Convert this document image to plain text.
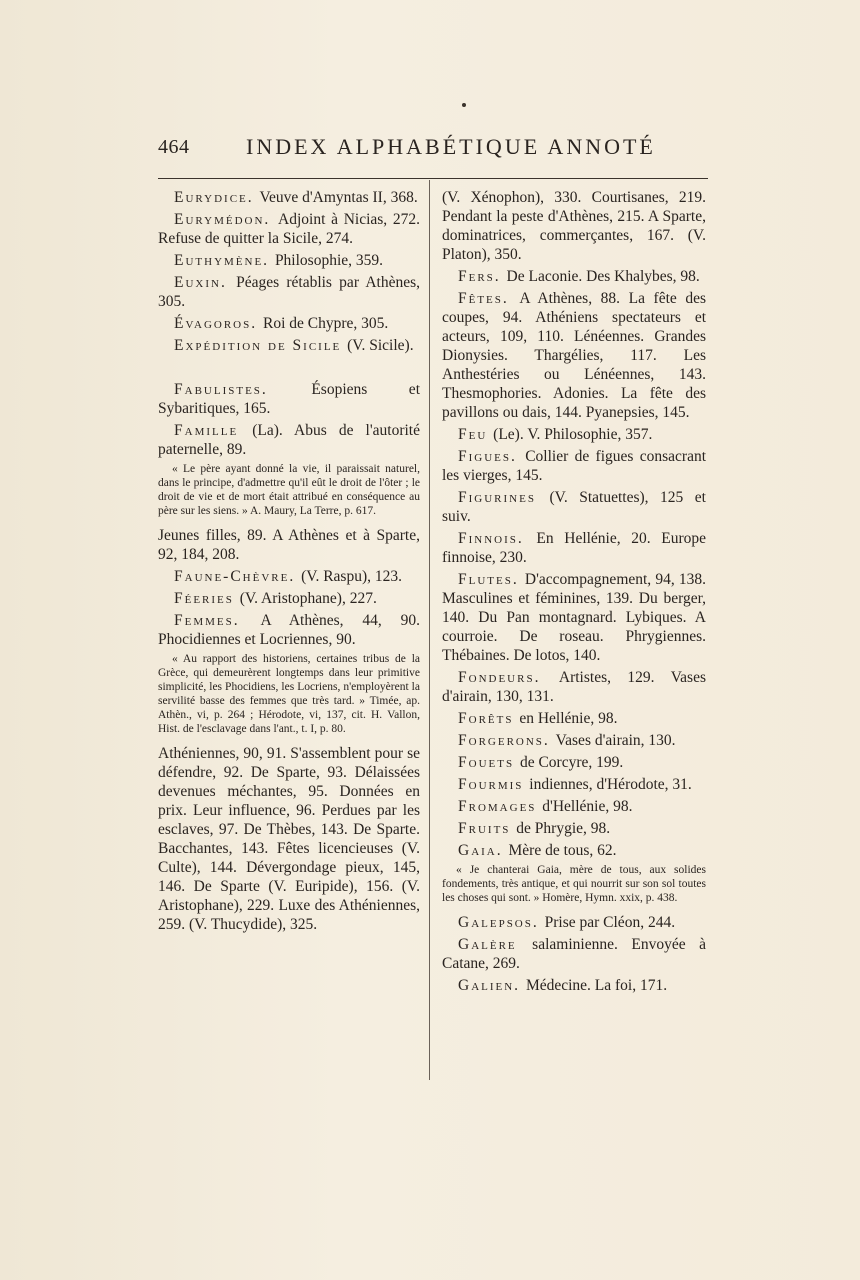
464	INDEX ALPHABÉTIQUE ANNOTÉ

Eurydice. Veuve d'Amyntas II, 368.

Eurymédon. Adjoint à Nicias, 272. Refuse de quitter la Sicile, 274.

Euthymène. Philosophie, 359.

Euxin. Péages rétablis par Athènes, 305.

Évagoros. Roi de Chypre, 305.

Expédition de Sicile (V. Sicile).

Fabulistes.	Ésopiens et Sybaritiques, 165.

Famille (La). Abus de l'autorité paternelle, 89.

« Le père ayant donné la vie, il paraissait naturel, dans le principe, d'admettre qu'il eût le droit de l'ôter ; le droit de vie et de mort était attribué en conséquence au père sur les siens. » A. Maury, La Terre, p. 617.

Jeunes filles, 89. A Athènes et à Sparte, 92, 184, 208.

Faune-Chèvre. (V. Raspu), 123.

Féeries (V. Aristophane), 227.

Femmes. A Athènes, 44, 90. Phocidiennes et Locriennes, 90.

« Au rapport des historiens, certaines tribus de la Grèce, qui demeurèrent longtemps dans leur primitive simplicité, les Phocidiens, les Locriens, n'employèrent la servilité basse des femmes que très tard. » Timée, ap. Athèn., vi, p. 264 ; Hérodote, vi, 137, cit. H. Vallon, Hist. de l'esclavage dans l'ant., t. I, p. 80.

Athéniennes, 90, 91. S'assemblent pour se défendre, 92. De Sparte, 93. Délaissées devenues méchantes, 95. Données en prix. Leur influence, 96. Perdues par les esclaves, 97. De Thèbes, 143. De Sparte. Bacchantes, 143. Fêtes licencieuses (V. Culte), 144. Dévergondage pieux, 145, 146. De Sparte (V. Euripide), 156. (V. Aristophane), 229. Luxe des Athéniennes, 259. (V. Thucydide), 325.

(V. Xénophon), 330. Courtisanes, 219. Pendant la peste d'Athènes, 215. A Sparte, dominatrices, commerçantes, 167. (V. Platon), 350.

Fers. De Laconie. Des Khalybes, 98.

Fêtes. A Athènes, 88. La fête des coupes, 94. Athéniens spectateurs et acteurs, 109, 110. Lénéennes. Grandes Dionysies. Thargélies, 117. Les Anthestéries ou Lénéennes, 143. Thesmophories. Adonies. La fête des pavillons ou dais, 144. Pyanepsies, 145.

Feu (Le). V. Philosophie, 357.

Figues. Collier de figues consacrant les vierges, 145.

Figurines (V. Statuettes), 125 et suiv.

Finnois. En Hellénie, 20. Europe finnoise, 230.

Flutes. D'accompagnement, 94, 138. Masculines et féminines, 139. Du berger, 140. Du Pan montagnard. Lybiques. A courroie. De roseau. Phrygiennes. Thébaines. De lotos, 140.

Fondeurs. Artistes, 129. Vases d'airain, 130, 131.

Forêts en Hellénie, 98.

Forgerons. Vases d'airain, 130.

Fouets de Corcyre, 199.

Fourmis indiennes, d'Hérodote, 31.

Fromages d'Hellénie, 98.

Fruits de Phrygie, 98.

Gaia. Mère de tous, 62.

« Je chanterai Gaia, mère de tous, aux solides fondements, très antique, et qui nourrit sur son sol toutes les choses qui sont. » Homère, Hymn. xxix, p. 438.

Galepsos. Prise par Cléon, 244.

Galère salaminienne. Envoyée à Catane, 269.

Galien. Médecine. La foi, 171.
